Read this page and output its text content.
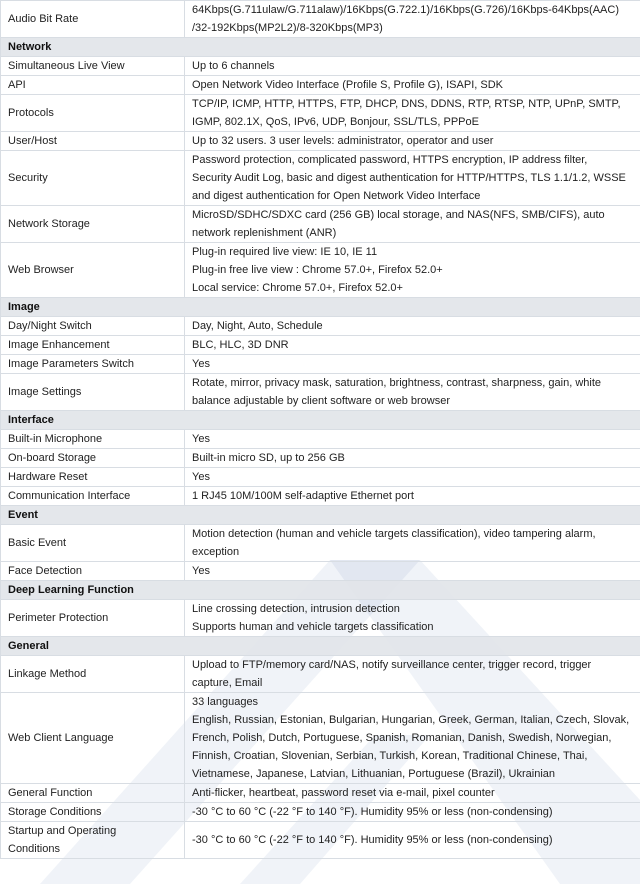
Audio Bit Rate	64Kbps(G.711ulaw/G.711alaw)/16Kbps(G.722.1)/16Kbps(G.726)/16Kbps-64Kbps(AAC)
/32-192Kbps(MP2L2)/8-320Kbps(MP3)

Network	
Simultaneous Live View	Up to 6 channels

API	Open Network Video Interface (Profile S, Profile G), ISAPI, SDK

Protocols	TCP/IP, ICMP, HTTP, HTTPS, FTP, DHCP, DNS, DDNS, RTP, RTSP, NTP, UPnP, SMTP,
IGMP, 802.1X, QoS, IPv6, UDP, Bonjour, SSL/TLS, PPPoE

User/Host	Up to 32 users. 3 user levels: administrator, operator and user

Security	Password protection, complicated password, HTTPS encryption, IP address filter,
Security Audit Log, basic and digest authentication for HTTP/HTTPS, TLS 1.1/1.2, WSSE
and digest authentication for Open Network Video Interface

Network Storage	MicroSD/SDHC/SDXC card (256 GB) local storage, and NAS(NFS, SMB/CIFS), auto
network replenishment (ANR)

Web Browser	Plug-in required live view: IE 10, IE 11
Plug-in free live view : Chrome 57.0+, Firefox 52.0+
Local service: Chrome 57.0+, Firefox 52.0+

Image	
Day/Night Switch	Day, Night, Auto, Schedule

Image Enhancement	BLC, HLC, 3D DNR

Image Parameters Switch	Yes

Image Settings	Rotate, mirror, privacy mask, saturation, brightness, contrast, sharpness, gain, white
balance adjustable by client software or web browser

Interface	
Built-in Microphone	Yes

On-board Storage	Built-in micro SD, up to 256 GB

Hardware Reset	Yes

Communication Interface	1 RJ45 10M/100M self-adaptive Ethernet port

Event	
Basic Event	Motion detection (human and vehicle targets classification), video tampering alarm,
exception

Face Detection	Yes

Deep Learning Function	
Perimeter Protection	Line crossing detection, intrusion detection
Supports human and vehicle targets classification

General	
Linkage Method	Upload to FTP/memory card/NAS, notify surveillance center, trigger record, trigger
capture, Email

Web Client Language	33 languages
English, Russian, Estonian, Bulgarian, Hungarian, Greek, German, Italian, Czech, Slovak,
French, Polish, Dutch, Portuguese, Spanish, Romanian, Danish, Swedish, Norwegian,
Finnish, Croatian, Slovenian, Serbian, Turkish, Korean, Traditional Chinese, Thai,
Vietnamese, Japanese, Latvian, Lithuanian, Portuguese (Brazil), Ukrainian

General Function	Anti-flicker, heartbeat, password reset via e-mail, pixel counter

Storage Conditions	-30 °C to 60 °C (-22 °F to 140 °F). Humidity 95% or less (non-condensing)

Startup and Operating
Conditions	-30 °C to 60 °C (-22 °F to 140 °F). Humidity 95% or less (non-condensing)
